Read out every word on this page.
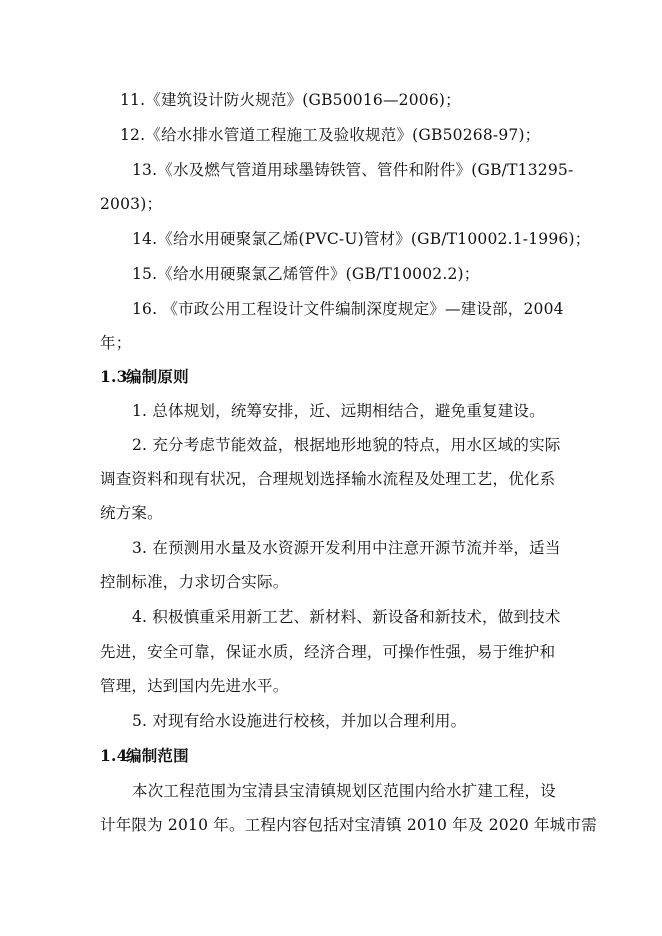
11.《建筑设计防火规范》(GB50016—2006)；
12.《给水排水管道工程施工及验收规范》(GB50268-97)；
13.《水及燃气管道用球墨铸铁管、管件和附件》(GB/T13295-
2003)；
14.《给水用硬聚氯乙烯(PVC-U)管材》(GB/T10002.1-1996)；
15.《给水用硬聚氯乙烯管件》(GB/T10002.2)；
16. 《市政公用工程设计文件编制深度规定》—建设部，2004
年；
1.3编制原则
1. 总体规划，统筹安排，近、远期相结合，避免重复建设。
2. 充分考虑节能效益，根据地形地貌的特点，用水区域的实际
调查资料和现有状况，合理规划选择输水流程及处理工艺，优化系
统方案。
3. 在预测用水量及水资源开发利用中注意开源节流并举，适当
控制标准，力求切合实际。
4. 积极慎重采用新工艺、新材料、新设备和新技术，做到技术
先进，安全可靠，保证水质，经济合理，可操作性强，易于维护和
管理，达到国内先进水平。
5. 对现有给水设施进行校核，并加以合理利用。
1.4编制范围
本次工程范围为宝清县宝清镇规划区范围内给水扩建工程，设
计年限为 2010 年。工程内容包括对宝清镇 2010 年及 2020 年城市需
